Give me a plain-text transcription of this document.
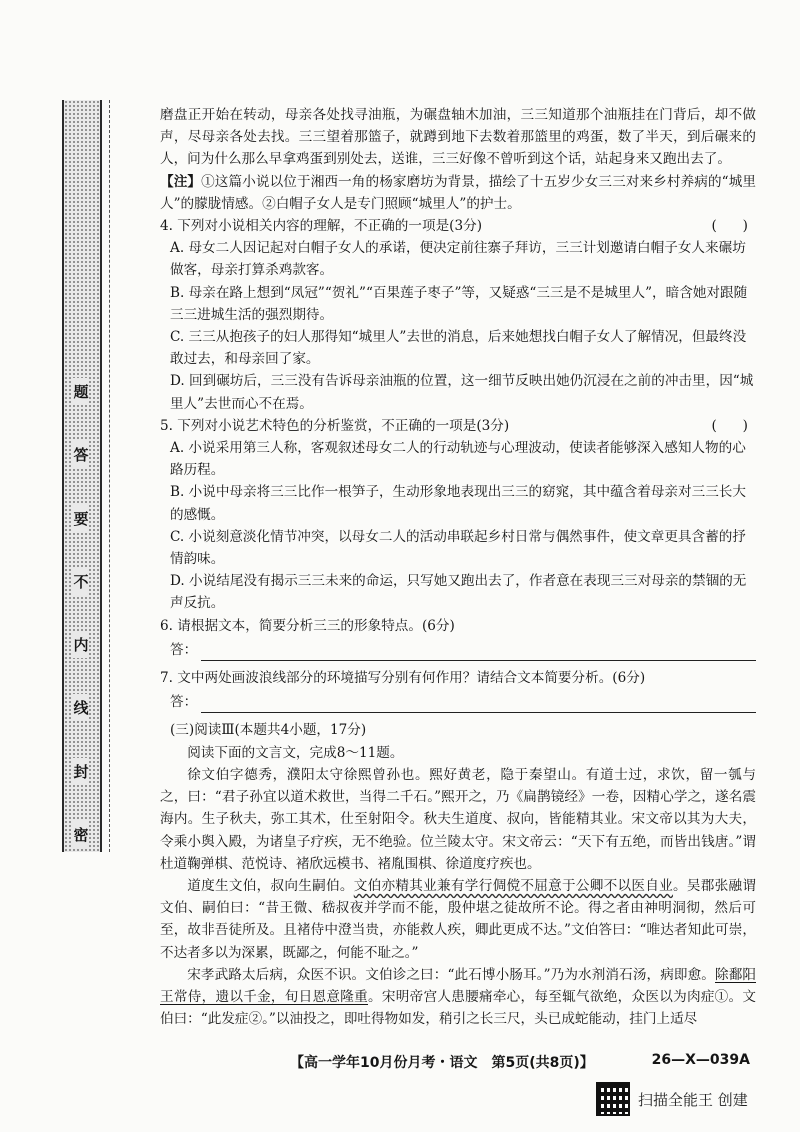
题
答
要
不
内
线
封
密

磨盘正开始在转动，母亲各处找寻油瓶，为碾盘轴木加油，三三知道那个油瓶挂在门背后，却不做声，尽母亲各处去找。三三望着那篮子，就蹲到地下去数着那篮里的鸡蛋，数了半天，到后碾来的人，问为什么那么早拿鸡蛋到别处去，送谁，三三好像不曾听到这个话，站起身来又跑出去了。

【注】①这篇小说以位于湘西一角的杨家磨坊为背景，描绘了十五岁少女三三对来乡村养病的“城里人”的朦胧情感。②白帽子女人是专门照顾“城里人”的护士。

4. 下列对小说相关内容的理解，不正确的一项是(3分)	(      )

A. 母女二人因记起对白帽子女人的承诺，便决定前往寨子拜访，三三计划邀请白帽子女人来碾坊做客，母亲打算杀鸡款客。

B. 母亲在路上想到“凤冠”“贺礼”“百果莲子枣子”等，又疑惑“三三是不是城里人”，暗含她对跟随三三进城生活的强烈期待。

C. 三三从抱孩子的妇人那得知“城里人”去世的消息，后来她想找白帽子女人了解情况，但最终没敢过去，和母亲回了家。

D. 回到碾坊后，三三没有告诉母亲油瓶的位置，这一细节反映出她仍沉浸在之前的冲击里，因“城里人”去世而心不在焉。

5. 下列对小说艺术特色的分析鉴赏，不正确的一项是(3分)	(      )

A. 小说采用第三人称，客观叙述母女二人的行动轨迹与心理波动，使读者能够深入感知人物的心路历程。

B. 小说中母亲将三三比作一根笋子，生动形象地表现出三三的窈窕，其中蕴含着母亲对三三长大的感慨。

C. 小说刻意淡化情节冲突，以母女二人的活动串联起乡村日常与偶然事件，使文章更具含蓄的抒情韵味。

D. 小说结尾没有揭示三三未来的命运，只写她又跑出去了，作者意在表现三三对母亲的禁锢的无声反抗。

6. 请根据文本，简要分析三三的形象特点。(6分)

答：

7. 文中两处画波浪线部分的环境描写分别有何作用？请结合文本简要分析。(6分)

答：

(三)阅读Ⅲ(本题共4小题，17分)

阅读下面的文言文，完成8～11题。

徐文伯字德秀，濮阳太守徐熙曾孙也。熙好黄老，隐于秦望山。有道士过，求饮，留一瓠与之，曰：“君子孙宜以道术救世，当得二千石。”熙开之，乃《扁鹊镜经》一卷，因精心学之，遂名震海内。生子秋夫，弥工其术，仕至射阳令。秋夫生道度、叔向，皆能精其业。宋文帝以其为大夫，令乘小舆入殿，为诸皇子疗疾，无不绝验。位兰陵太守。宋文帝云：“天下有五绝，而皆出钱唐。”谓杜道鞠弹棋、范悦诗、褚欣远模书、褚胤围棋、徐道度疗疾也。

道度生文伯，叔向生嗣伯。文伯亦精其业兼有学行倜傥不屈意于公卿不以医自业。吴郡张融谓文伯、嗣伯曰：“昔王微、嵇叔夜并学而不能，殷仲堪之徒故所不论。得之者由神明洞彻，然后可至，故非吾徒所及。且褚侍中澄当贵，亦能救人疾，卿此更成不达。”文伯答曰：“唯达者知此可崇，不达者多以为深累，既鄙之，何能不耻之。”

宋孝武路太后病，众医不识。文伯诊之曰：“此石博小肠耳。”乃为水剂消石汤，病即愈。除鄱阳王常侍，遗以千金，旬日恩意隆重。宋明帝宫人患腰痛牵心，每至辄气欲绝，众医以为肉症①。文伯曰：“此发症②。”以油投之，即吐得物如发，稍引之长三尺，头已成蛇能动，挂门上适尽

【高一学年10月份月考・语文　第5页(共8页)】	26—X—039A
扫描全能王 创建
